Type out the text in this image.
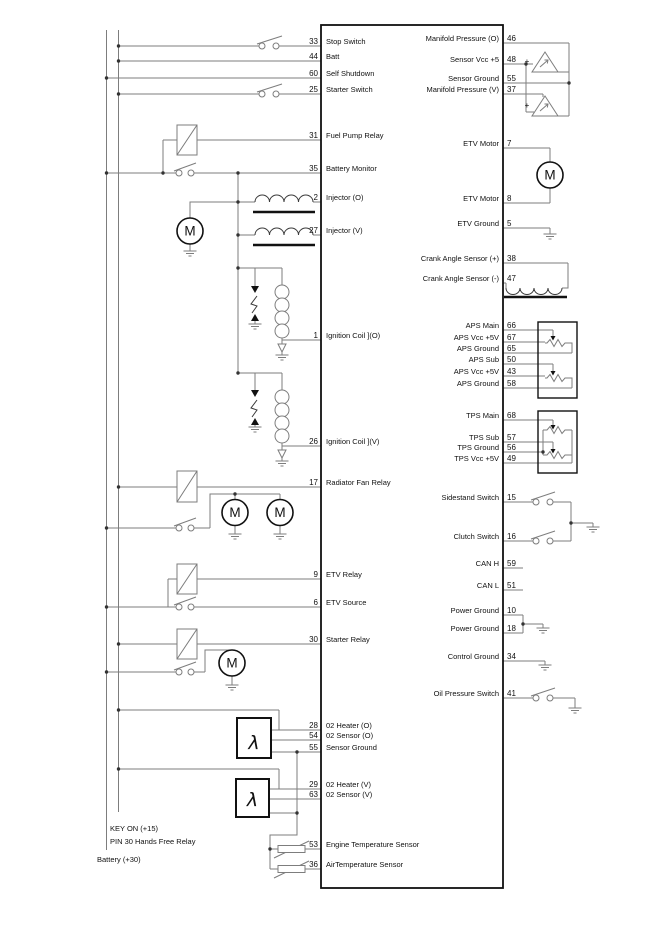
M
M	M
M
M
+
+
λ
λ
33 Stop Switch
44 Batt
60 Self Shutdown
25 Starter Switch
31 Fuel Pump Relay
35 Battery Monitor
2 Injector (O)
27 Injector (V)
1 Ignition Coil ](O)
26 Ignition Coil ](V)
17 Radiator Fan Relay
9 ETV Relay
6 ETV Source
30 Starter Relay
28 02 Heater (O)
54 02 Sensor (O)
55 Sensor Ground
29 02 Heater (V)
63 02 Sensor (V)
53 Engine Temperature Sensor
36 AirTemperature Sensor
Manifold Pressure (O) 46
Sensor Vcc +5 48
Sensor Ground 55
Manifold Pressure (V) 37
ETV Motor 7
ETV Motor 8
ETV Ground 5
Crank Angle Sensor (+) 38
Crank Angle Sensor (-) 47
APS Main 66
APS Vcc +5V 67
APS Ground 65
APS Sub 50
APS Vcc +5V 43
APS Ground 58
TPS Main 68
TPS Sub 57
TPS Ground 56
TPS Vcc +5V 49
Sidestand Switch 15
Clutch Switch 16
CAN H 59
CAN L 51
Power Ground 10
Power Ground 18
Control Ground 34
Oil Pressure Switch 41
KEY ON (+15)
PIN 30 Hands Free Relay
Battery (+30)
